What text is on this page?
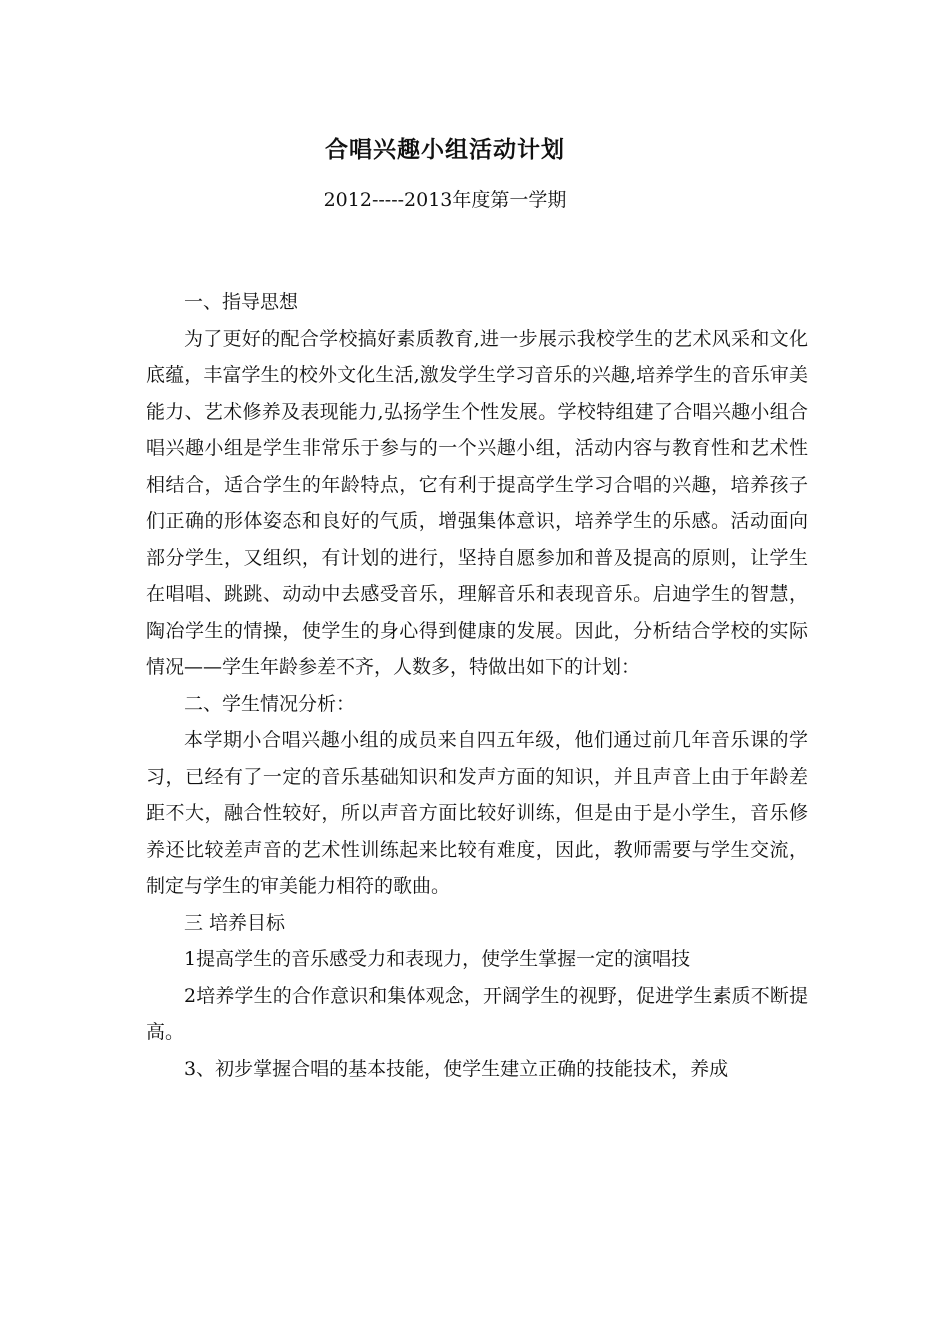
合唱兴趣小组活动计划
2012-----2013年度第一学期

一、指导思想

为了更好的配合学校搞好素质教育,进一步展示我校学生的艺术风采和文化底蕴，丰富学生的校外文化生活,激发学生学习音乐的兴趣,培养学生的音乐审美能力、艺术修养及表现能力,弘扬学生个性发展。学校特组建了合唱兴趣小组合唱兴趣小组是学生非常乐于参与的一个兴趣小组，活动内容与教育性和艺术性相结合，适合学生的年龄特点，它有利于提高学生学习合唱的兴趣，培养孩子们正确的形体姿态和良好的气质，增强集体意识，培养学生的乐感。活动面向部分学生，又组织，有计划的进行，坚持自愿参加和普及提高的原则，让学生在唱唱、跳跳、动动中去感受音乐，理解音乐和表现音乐。启迪学生的智慧，陶冶学生的情操，使学生的身心得到健康的发展。因此，分析结合学校的实际情况——学生年龄参差不齐，人数多，特做出如下的计划：

二、学生情况分析：

本学期小合唱兴趣小组的成员来自四五年级，他们通过前几年音乐课的学习，已经有了一定的音乐基础知识和发声方面的知识，并且声音上由于年龄差距不大，融合性较好，所以声音方面比较好训练，但是由于是小学生，音乐修养还比较差声音的艺术性训练起来比较有难度，因此，教师需要与学生交流，制定与学生的审美能力相符的歌曲。

三 培养目标

1提高学生的音乐感受力和表现力，使学生掌握一定的演唱技

2培养学生的合作意识和集体观念，开阔学生的视野，促进学生素质不断提高。

3、初步掌握合唱的基本技能，使学生建立正确的技能技术，养成
